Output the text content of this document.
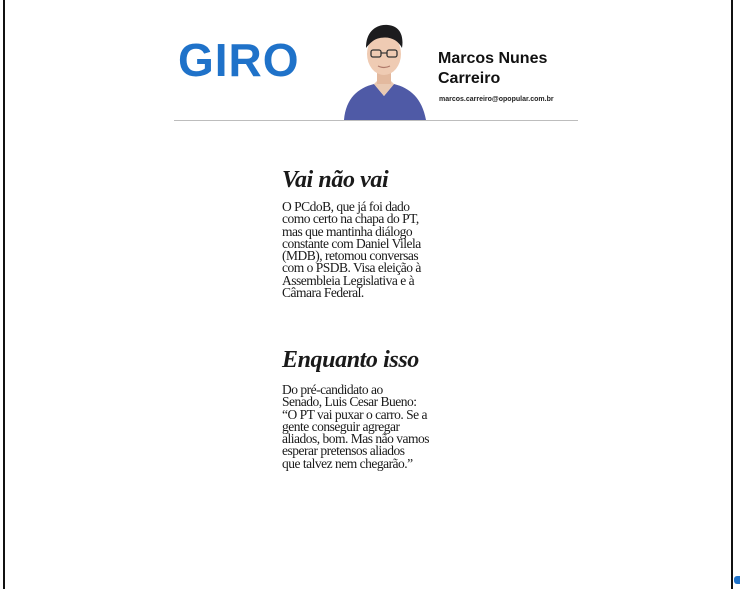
GIRO	Marcos Nunes Carreiro
marcos.carreiro@opopular.com.br
Vai não vai

O PCdoB, que já foi dado
como certo na chapa do PT,
mas que mantinha diálogo
constante com Daniel Vilela
(MDB), retomou conversas
com o PSDB. Visa eleição à
Assembleia Legislativa e à
Câmara Federal.

Enquanto isso

Do pré-candidato ao
Senado, Luis Cesar Bueno:
“O PT vai puxar o carro. Se a
gente conseguir agregar
aliados, bom. Mas não vamos
esperar pretensos aliados
que talvez nem chegarão.”
